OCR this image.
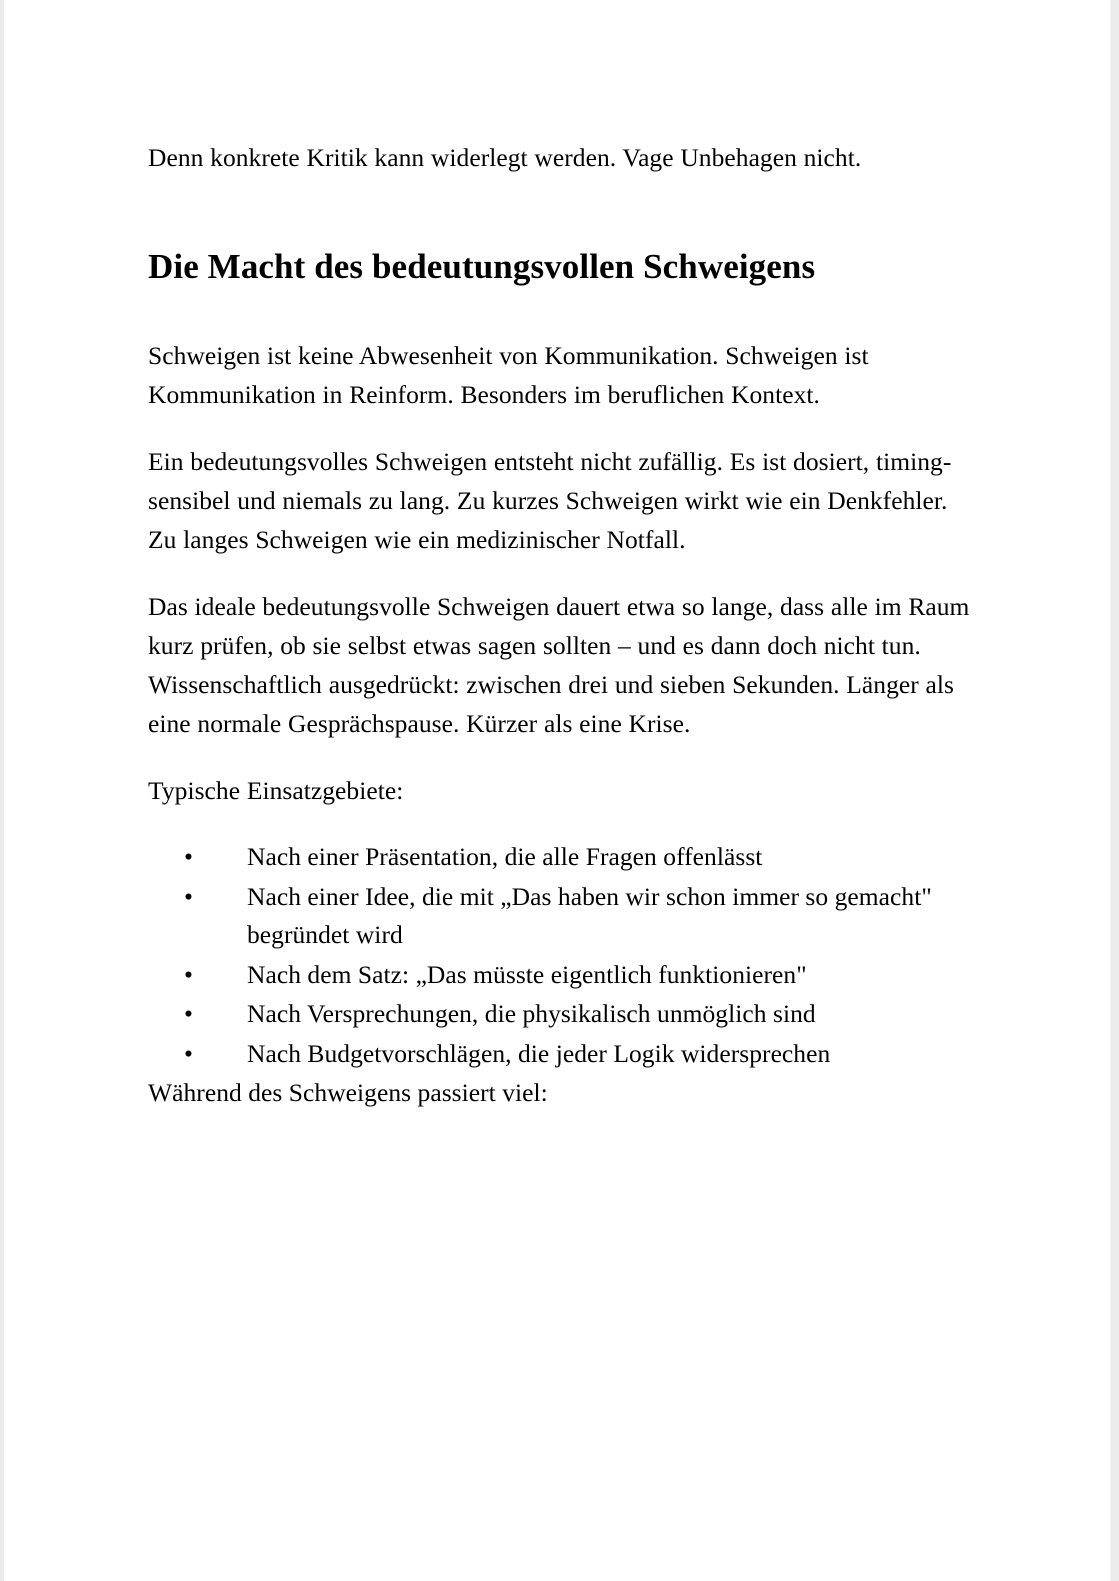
Denn konkrete Kritik kann widerlegt werden. Vage Unbehagen nicht.

Die Macht des bedeutungsvollen Schweigens

Schweigen ist keine Abwesenheit von Kommunikation. Schweigen ist Kommunikation in Reinform. Besonders im beruflichen Kontext.

Ein bedeutungsvolles Schweigen entsteht nicht zufällig. Es ist dosiert, timing-sensibel und niemals zu lang. Zu kurzes Schweigen wirkt wie ein Denkfehler. Zu langes Schweigen wie ein medizinischer Notfall.

Das ideale bedeutungsvolle Schweigen dauert etwa so lange, dass alle im Raum kurz prüfen, ob sie selbst etwas sagen sollten – und es dann doch nicht tun. Wissenschaftlich ausgedrückt: zwischen drei und sieben Sekunden. Länger als eine normale Gesprächspause. Kürzer als eine Krise.

Typische Einsatzgebiete:

• Nach einer Präsentation, die alle Fragen offenlässt
• Nach einer Idee, die mit „Das haben wir schon immer so gemacht" begründet wird
• Nach dem Satz: „Das müsste eigentlich funktionieren"
• Nach Versprechungen, die physikalisch unmöglich sind
• Nach Budgetvorschlägen, die jeder Logik widersprechen

Während des Schweigens passiert viel:
